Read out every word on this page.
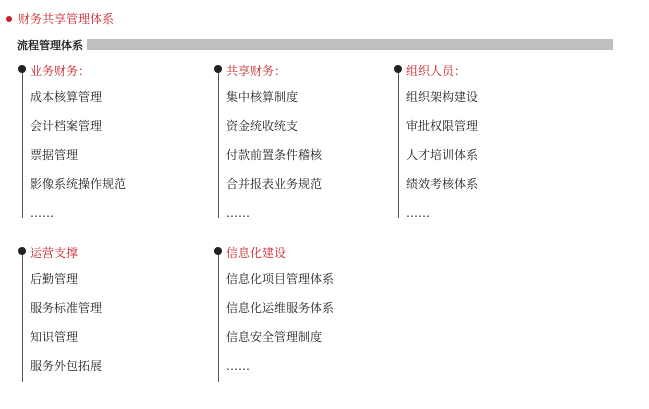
财务共享管理体系
流程管理体系
业务财务：
成本核算管理
会计档案管理
票据管理
影像系统操作规范
……
共享财务：
集中核算制度
资金统收统支
付款前置条件稽核
合并报表业务规范
……
组织人员：
组织架构建设
审批权限管理
人才培训体系
绩效考核体系
……
运营支撑
后勤管理
服务标准管理
知识管理
服务外包拓展
信息化建设
信息化项目管理体系
信息化运维服务体系
信息安全管理制度
……
